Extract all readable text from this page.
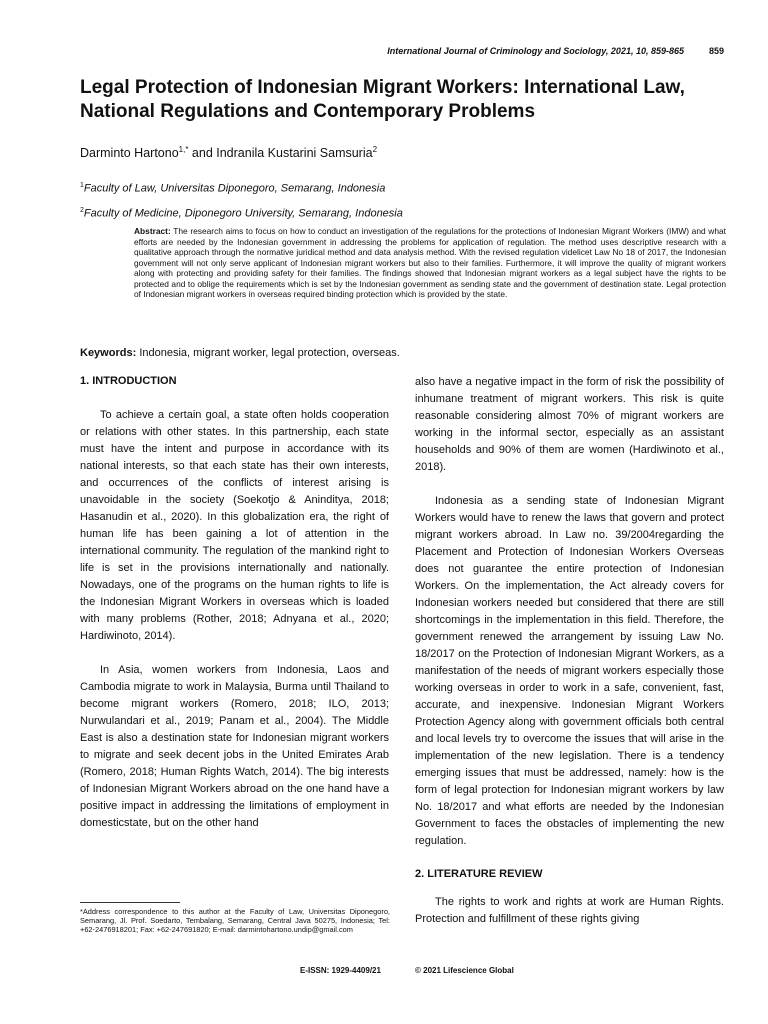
International Journal of Criminology and Sociology, 2021, 10, 859-865	859
Legal Protection of Indonesian Migrant Workers: International Law,
National Regulations and Contemporary Problems
Darminto Hartono$^{1,*}$ and Indranila Kustarini Samsuria$^2$
$^1$Faculty of Law, Universitas Diponegoro, Semarang, Indonesia
$^2$Faculty of Medicine, Diponegoro University, Semarang, Indonesia

Abstract: The research aims to focus on how to conduct an investigation of the regulations for the protections of Indonesian Migrant Workers (IMW) and what efforts are needed by the Indonesian government in addressing the problems for application of regulation. The method uses descriptive research with a qualitative approach through the normative juridical method and data analysis method. With the revised regulation videlicet Law No 18 of 2017, the Indonesian government will not only serve applicant of Indonesian migrant workers but also to their families. Furthermore, it will improve the quality of migrant workers along with protecting and providing safety for their families. The findings showed that Indonesian migrant workers as a legal subject have the rights to be protected and to oblige the requirements which is set by the Indonesian government as sending state and the government of destination state. Legal protection of Indonesian migrant workers in overseas required binding protection which is provided by the state.

Keywords: Indonesia, migrant worker, legal protection, overseas.
1. INTRODUCTION

To achieve a certain goal, a state often holds cooperation or relations with other states. In this partnership, each state must have the intent and purpose in accordance with its national interests, so that each state has their own interests, and occurrences of the conflicts of interest arising is unavoidable in the society (Soekotjo & Aninditya, 2018; Hasanudin et al., 2020). In this globalization era, the right of human life has been gaining a lot of attention in the international community. The regulation of the mankind right to life is set in the provisions internationally and nationally. Nowadays, one of the programs on the human rights to life is the Indonesian Migrant Workers in overseas which is loaded with many problems (Rother, 2018; Adnyana et al., 2020; Hardiwinoto, 2014).

In Asia, women workers from Indonesia, Laos and Cambodia migrate to work in Malaysia, Burma until Thailand to become migrant workers (Romero, 2018; ILO, 2013; Nurwulandari et al., 2019; Panam et al., 2004). The Middle East is also a destination state for Indonesian migrant workers to migrate and seek decent jobs in the United Emirates Arab (Romero, 2018; Human Rights Watch, 2014). The big interests of Indonesian Migrant Workers abroad on the one hand have a positive impact in addressing the limitations of employment in domesticstate, but on the other hand

also have a negative impact in the form of risk the possibility of inhumane treatment of migrant workers. This risk is quite reasonable considering almost 70% of migrant workers are working in the informal sector, especially as an assistant households and 90% of them are women (Hardiwinoto et al., 2018).

Indonesia as a sending state of Indonesian Migrant Workers would have to renew the laws that govern and protect migrant workers abroad. In Law no. 39/2004regarding the Placement and Protection of Indonesian Workers Overseas does not guarantee the entire protection of Indonesian Workers. On the implementation, the Act already covers for Indonesian workers needed but considered that there are still shortcomings in the implementation in this field. Therefore, the government renewed the arrangement by issuing Law No. 18/2017 on the Protection of Indonesian Migrant Workers, as a manifestation of the needs of migrant workers especially those working overseas in order to work in a safe, convenient, fast, accurate, and inexpensive. Indonesian Migrant Workers Protection Agency along with government officials both central and local levels try to overcome the issues that will arise in the implementation of the new legislation. There is a tendency emerging issues that must be addressed, namely: how is the form of legal protection for Indonesian migrant workers by law No. 18/2017 and what efforts are needed by the Indonesian Government to faces the obstacles of implementing the new regulation.

2. LITERATURE REVIEW

The rights to work and rights at work are Human Rights. Protection and fulfillment of these rights giving

*Address correspondence to this author at the Faculty of Law, Universitas Diponegoro, Semarang, Jl. Prof. Soedarto, Tembalang, Semarang, Central Java 50275, Indonesia; Tel: +62-2476918201; Fax: +62-247691820; E-mail: darmintohartono.undip@gmail.com

E-ISSN: 1929-4409/21	© 2021 Lifescience Global
